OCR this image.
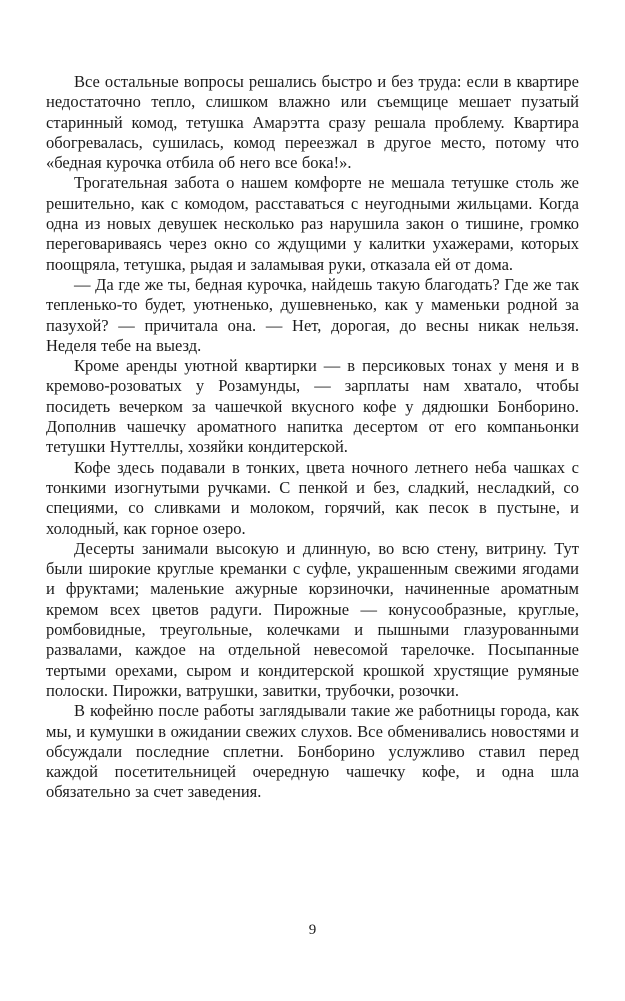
Все остальные вопросы решались быстро и без труда: если в квартире недостаточно тепло, слишком влажно или съемщице мешает пузатый старинный комод, тетушка Амарэтта сразу решала проблему. Квартира обогревалась, сушилась, комод переезжал в другое место, потому что «бедная курочка отбила об него все бока!».

Трогательная забота о нашем комфорте не мешала тетушке столь же решительно, как с комодом, расставаться с неугодными жильцами. Когда одна из новых девушек несколько раз нарушила закон о тишине, громко переговариваясь через окно со ждущими у калитки ухажерами, которых поощряла, тетушка, рыдая и заламывая руки, отказала ей от дома.

— Да где же ты, бедная курочка, найдешь такую благодать? Где же так тепленько-то будет, уютненько, душевненько, как у маменьки родной за пазухой? — причитала она. — Нет, дорогая, до весны никак нельзя. Неделя тебе на выезд.

Кроме аренды уютной квартирки — в персиковых тонах у меня и в кремово-розоватых у Розамунды, — зарплаты нам хватало, чтобы посидеть вечерком за чашечкой вкусного кофе у дядюшки Бонборино. Дополнив чашечку ароматного напитка десертом от его компаньонки тетушки Нуттеллы, хозяйки кондитерской.

Кофе здесь подавали в тонких, цвета ночного летнего неба чашках с тонкими изогнутыми ручками. С пенкой и без, сладкий, несладкий, со специями, со сливками и молоком, горячий, как песок в пустыне, и холодный, как горное озеро.

Десерты занимали высокую и длинную, во всю стену, витрину. Тут были широкие круглые креманки с суфле, украшенным свежими ягодами и фруктами; маленькие ажурные корзиночки, начиненные ароматным кремом всех цветов радуги. Пирожные — конусообразные, круглые, ромбовидные, треугольные, колечками и пышными глазурованными развалами, каждое на отдельной невесомой тарелочке. Посыпанные тертыми орехами, сыром и кондитерской крошкой хрустящие румяные полоски. Пирожки, ватрушки, завитки, трубочки, розочки.

В кофейню после работы заглядывали такие же работницы города, как мы, и кумушки в ожидании свежих слухов. Все обменивались новостями и обсуждали последние сплетни. Бонборино услужливо ставил перед каждой посетительницей очередную чашечку кофе, и одна шла обязательно за счет заведения.

9
